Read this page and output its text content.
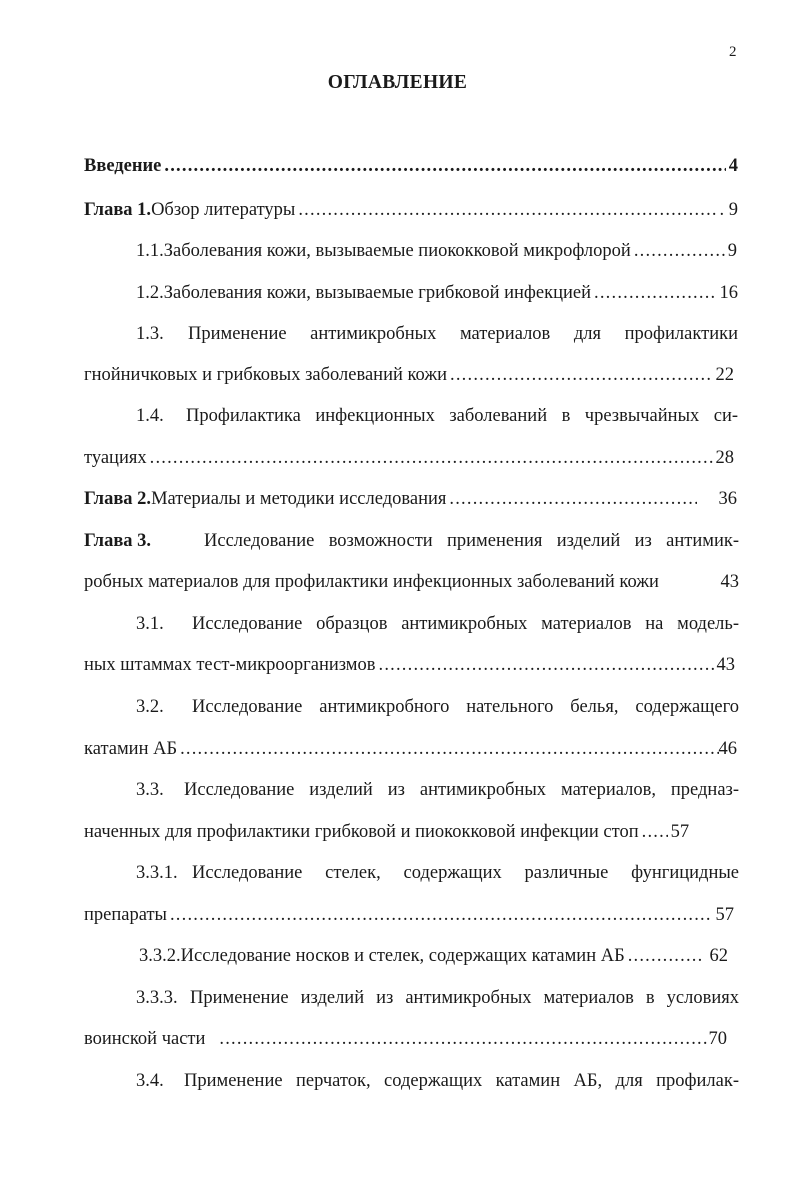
2
ОГЛАВЛЕНИЕ
Введение .....	4
Глава 1. Обзор литературы .....	. 9
1.1. Заболевания кожи, вызываемые пиококковой микрофлорой .....	9
1.2. Заболевания кожи, вызываемые грибковой инфекцией .....	16
1.3.	Применение антимикробных материалов для профилактики
гнойничковых и грибковых заболеваний кожи .....	22
1.4.	Профилактика инфекционных заболеваний в чрезвычайных си-
туациях .....	28
Глава 2. Материалы и методики исследования .....	36
Глава 3.	Исследование возможности применения изделий из антимик-
робных материалов для профилактики инфекционных заболеваний кожи	43
3.1.	Исследование образцов антимикробных материалов на модель-
ных штаммах тест-микроорганизмов .....	43
3.2.	Исследование антимикробного нательного белья, содержащего
катамин АБ .....	46
3.3.	Исследование изделий из антимикробных материалов, предназ-
наченных для профилактики грибковой и пиококковой инфекции стоп ..... 57
3.3.1. Исследование стелек, содержащих различные фунгицидные
препараты .....	57
3.3.2. Исследование носков и стелек, содержащих катамин АБ .....	62
3.3.3. Применение изделий из антимикробных материалов в условиях
воинской части .....	70
3.4.	Применение перчаток, содержащих катамин АБ, для профилак-
